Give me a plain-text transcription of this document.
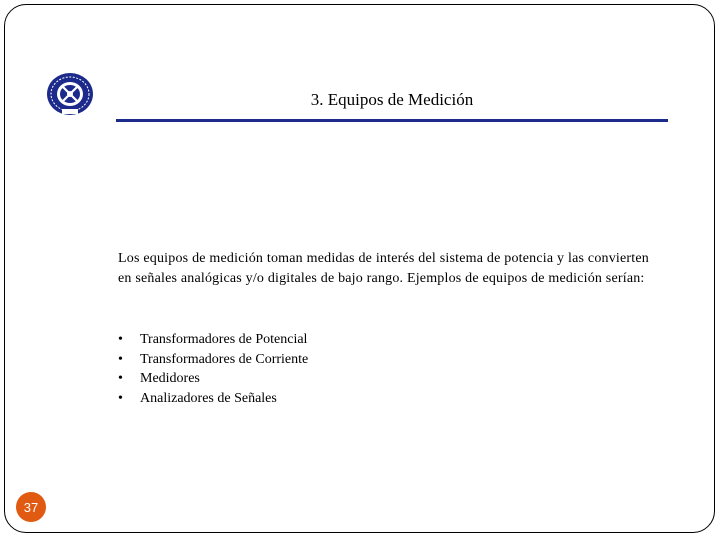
3. Equipos de Medición

Los equipos de medición toman medidas de interés del sistema de potencia y las convierten en señales analógicas y/o digitales de bajo rango. Ejemplos de equipos de medición serían:

•	Transformadores de Potencial
•	Transformadores de Corriente
•	Medidores
•	Analizadores de Señales
37
